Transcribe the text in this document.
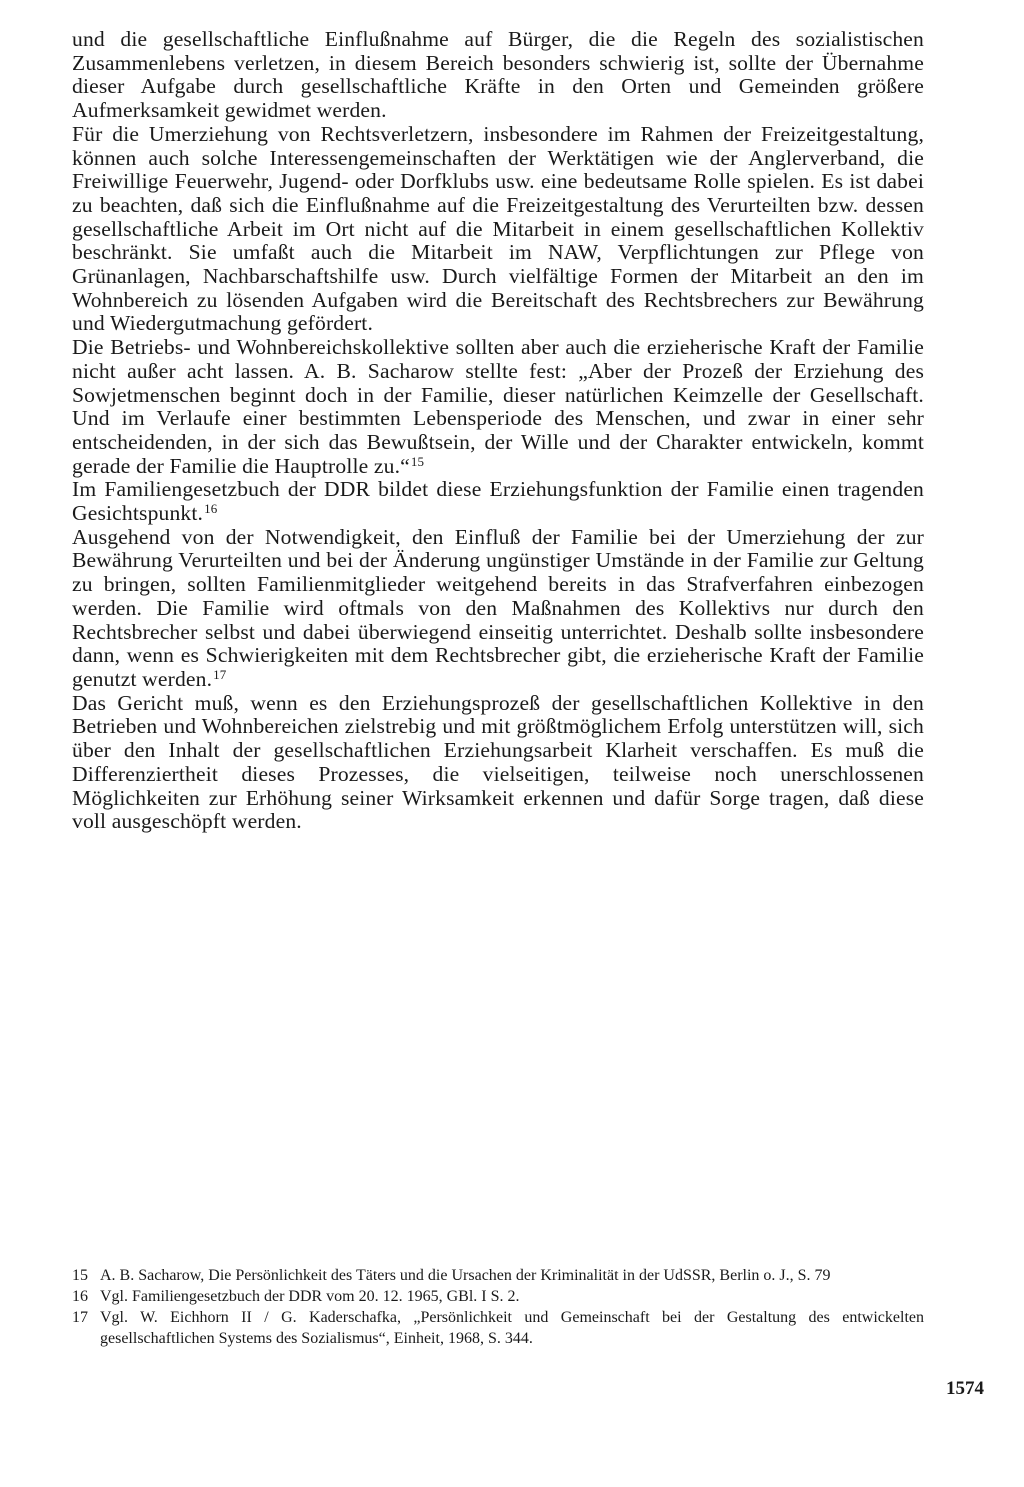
und die gesellschaftliche Einflußnahme auf Bürger, die die Regeln des sozialistischen Zusammenlebens verletzen, in diesem Bereich besonders schwierig ist, sollte der Übernahme dieser Aufgabe durch gesellschaftliche Kräfte in den Orten und Gemeinden größere Aufmerksamkeit gewidmet werden.

Für die Umerziehung von Rechtsverletzern, insbesondere im Rahmen der Freizeitgestaltung, können auch solche Interessengemeinschaften der Werktätigen wie der Anglerverband, die Freiwillige Feuerwehr, Jugend- oder Dorfklubs usw. eine bedeutsame Rolle spielen. Es ist dabei zu beachten, daß sich die Einflußnahme auf die Freizeitgestaltung des Verurteilten bzw. dessen gesellschaftliche Arbeit im Ort nicht auf die Mitarbeit in einem gesellschaftlichen Kollektiv beschränkt. Sie umfaßt auch die Mitarbeit im NAW, Verpflichtungen zur Pflege von Grünanlagen, Nachbarschaftshilfe usw. Durch vielfältige Formen der Mitarbeit an den im Wohnbereich zu lösenden Aufgaben wird die Bereitschaft des Rechtsbrechers zur Bewährung und Wiedergutmachung gefördert.

Die Betriebs- und Wohnbereichskollektive sollten aber auch die erzieherische Kraft der Familie nicht außer acht lassen. A. B. Sacharow stellte fest: „Aber der Prozeß der Erziehung des Sowjetmenschen beginnt doch in der Familie, dieser natürlichen Keimzelle der Gesellschaft. Und im Verlaufe einer bestimmten Lebensperiode des Menschen, und zwar in einer sehr entscheidenden, in der sich das Bewußtsein, der Wille und der Charakter entwickeln, kommt gerade der Familie die Hauptrolle zu.“$^{15}$

Im Familiengesetzbuch der DDR bildet diese Erziehungsfunktion der Familie einen tragenden Gesichtspunkt.$^{16}$

Ausgehend von der Notwendigkeit, den Einfluß der Familie bei der Umerziehung der zur Bewährung Verurteilten und bei der Änderung ungünstiger Umstände in der Familie zur Geltung zu bringen, sollten Familienmitglieder weitgehend bereits in das Strafverfahren einbezogen werden. Die Familie wird oftmals von den Maßnahmen des Kollektivs nur durch den Rechtsbrecher selbst und dabei überwiegend einseitig unterrichtet. Deshalb sollte insbesondere dann, wenn es Schwierigkeiten mit dem Rechtsbrecher gibt, die erzieherische Kraft der Familie genutzt werden.$^{17}$

Das Gericht muß, wenn es den Erziehungsprozeß der gesellschaftlichen Kollektive in den Betrieben und Wohnbereichen zielstrebig und mit größtmöglichem Erfolg unterstützen will, sich über den Inhalt der gesellschaftlichen Erziehungsarbeit Klarheit verschaffen. Es muß die Differenziertheit dieses Prozesses, die vielseitigen, teilweise noch unerschlossenen Möglichkeiten zur Erhöhung seiner Wirksamkeit erkennen und dafür Sorge tragen, daß diese voll ausgeschöpft werden.

15 A. B. Sacharow, Die Persönlichkeit des Täters und die Ursachen der Kriminalität in der UdSSR, Berlin o. J., S. 79

16 Vgl. Familiengesetzbuch der DDR vom 20. 12. 1965, GBl. I S. 2.

17 Vgl. W. Eichhorn II / G. Kaderschafka, „Persönlichkeit und Gemeinschaft bei der Gestaltung des entwickelten gesellschaftlichen Systems des Sozialismus“, Einheit, 1968, S. 344.

1574
